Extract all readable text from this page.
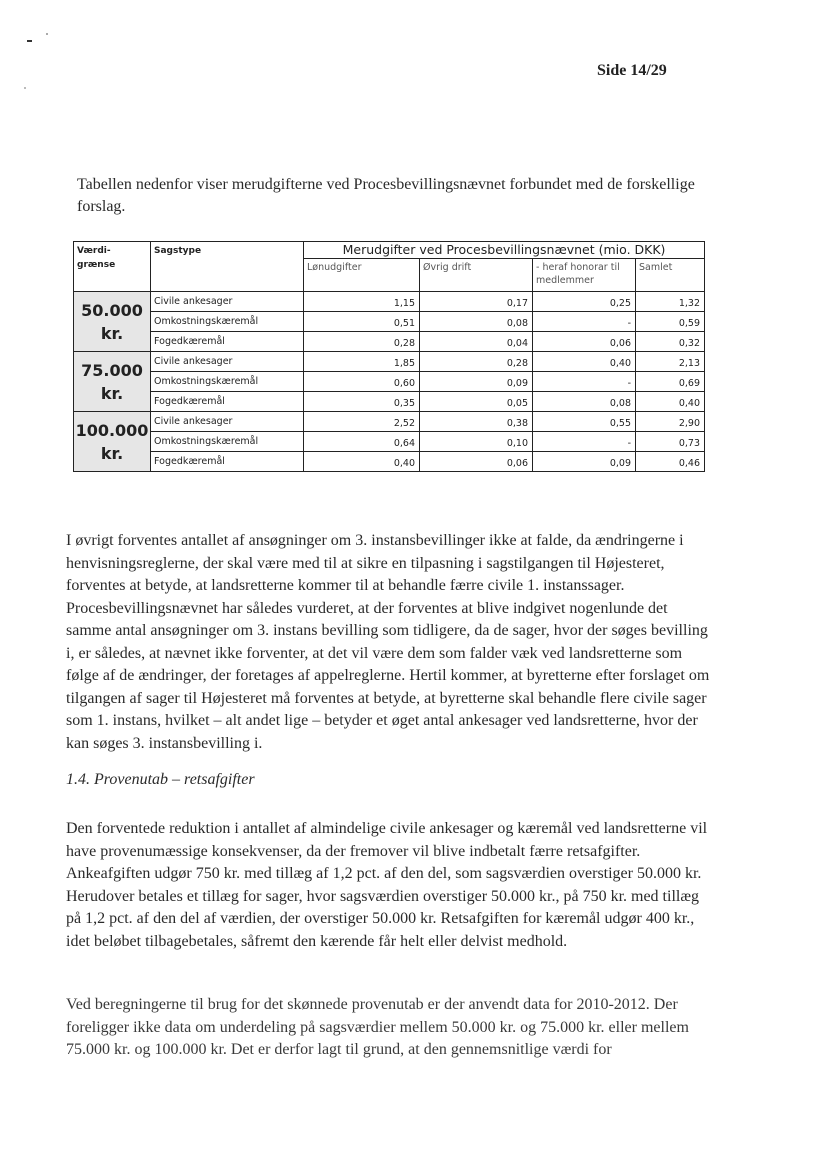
Side 14/29

Tabellen nedenfor viser merudgifterne ved Procesbevillingsnævnet forbundet med de forskellige forslag.

Værdi-grænse	Sagstype	Merudgifter ved Procesbevillingsnævnet (mio. DKK)			
		Lønudgifter	Øvrig drift	- heraf honorar til medlemmer	Samlet
50.000 kr.	Civile ankesager	1,15	0,17	0,25	1,32
	Omkostningskæremål	0,51	0,08	-	0,59
	Fogedkæremål	0,28	0,04	0,06	0,32
75.000 kr.	Civile ankesager	1,85	0,28	0,40	2,13
	Omkostningskæremål	0,60	0,09	-	0,69
	Fogedkæremål	0,35	0,05	0,08	0,40
100.000 kr.	Civile ankesager	2,52	0,38	0,55	2,90
	Omkostningskæremål	0,64	0,10	-	0,73
	Fogedkæremål	0,40	0,06	0,09	0,46

I øvrigt forventes antallet af ansøgninger om 3. instansbevillinger ikke at falde, da ændringerne i henvisningsreglerne, der skal være med til at sikre en tilpasning i sagstilgangen til Højesteret, forventes at betyde, at landsretterne kommer til at behandle færre civile 1. instanssager. Procesbevillingsnævnet har således vurderet, at der forventes at blive indgivet nogenlunde det samme antal ansøgninger om 3. instans bevilling som tidligere, da de sager, hvor der søges bevilling i, er således, at nævnet ikke forventer, at det vil være dem som falder væk ved landsretterne som følge af de ændringer, der foretages af appelreglerne. Hertil kommer, at byretterne efter forslaget om tilgangen af sager til Højesteret må forventes at betyde, at byretterne skal behandle flere civile sager som 1. instans, hvilket – alt andet lige – betyder et øget antal ankesager ved landsretterne, hvor der kan søges 3. instansbevilling i.

1.4. Provenutab – retsafgifter

Den forventede reduktion i antallet af almindelige civile ankesager og kæremål ved landsretterne vil have provenumæssige konsekvenser, da der fremover vil blive indbetalt færre retsafgifter. Ankeafgiften udgør 750 kr. med tillæg af 1,2 pct. af den del, som sagsværdien overstiger 50.000 kr. Herudover betales et tillæg for sager, hvor sagsværdien overstiger 50.000 kr., på 750 kr. med tillæg på 1,2 pct. af den del af værdien, der overstiger 50.000 kr. Retsafgiften for kæremål udgør 400 kr., idet beløbet tilbagebetales, såfremt den kærende får helt eller delvist medhold.

Ved beregningerne til brug for det skønnede provenutab er der anvendt data for 2010-2012. Der foreligger ikke data om underdeling på sagsværdier mellem 50.000 kr. og 75.000 kr. eller mellem 75.000 kr. og 100.000 kr. Det er derfor lagt til grund, at den gennemsnitlige værdi for
